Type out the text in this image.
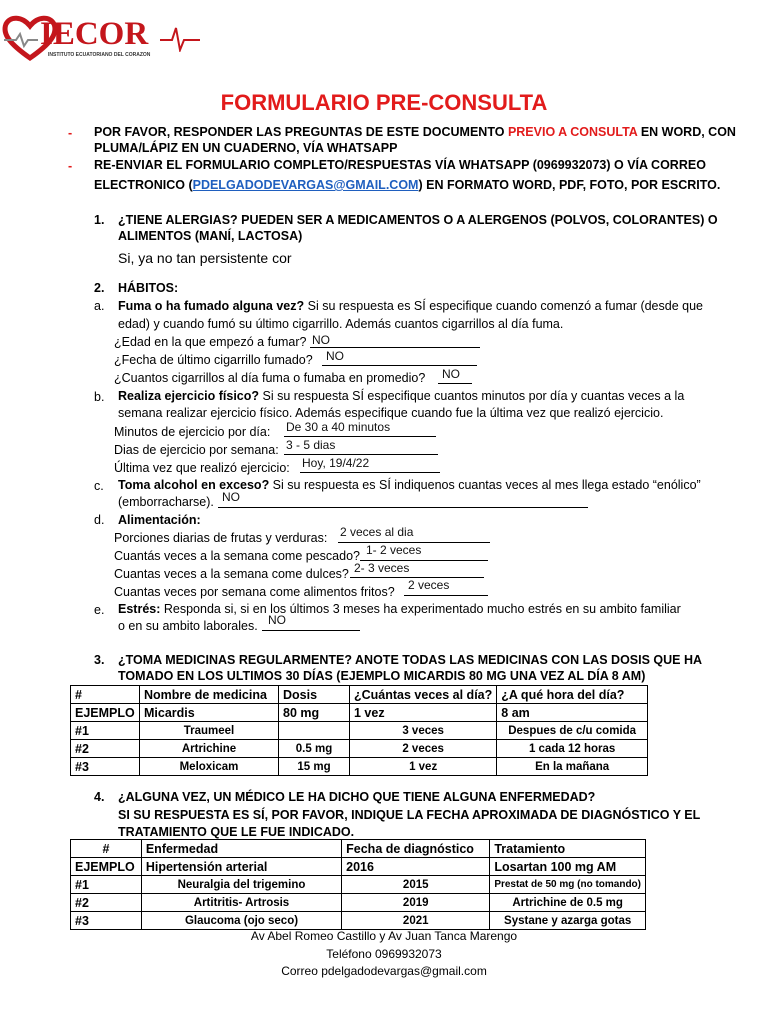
IECOR
INSTITUTO ECUATORIANO DEL CORAZON
FORMULARIO PRE-CONSULTA
- POR FAVOR, RESPONDER LAS PREGUNTAS DE ESTE DOCUMENTO PREVIO A CONSULTA EN WORD, CON
PLUMA/LÁPIZ EN UN CUADERNO, VÍA WHATSAPP
- RE-ENVIAR EL FORMULARIO COMPLETO/RESPUESTAS VÍA WHATSAPP (0969932073) O VÍA CORREO
ELECTRONICO (PDELGADODEVARGAS@GMAIL.COM) EN FORMATO WORD, PDF, FOTO, POR ESCRITO.
1. ¿TIENE ALERGIAS? PUEDEN SER A MEDICAMENTOS O A ALERGENOS (POLVOS, COLORANTES) O
ALIMENTOS (MANÍ, LACTOSA)
Si, ya no tan persistente cor
2. HÁBITOS:
a. Fuma o ha fumado alguna vez? Si su respuesta es SÍ especifique cuando comenzó a fumar (desde que
edad) y cuando fumó su último cigarrillo. Además cuantos cigarrillos al día fuma.
¿Edad en la que empezó a fumar? NO
¿Fecha de último cigarrillo fumado? NO
¿Cuantos cigarrillos al día fuma o fumaba en promedio? NO
b. Realiza ejercicio físico? Si su respuesta SÍ especifique cuantos minutos por día y cuantas veces a la
semana realizar ejercicio físico. Además especifique cuando fue la última vez que realizó ejercicio.
Minutos de ejercicio por día: De 30 a 40 minutos
Dias de ejercicio por semana: 3 - 5 dias
Última vez que realizó ejercicio: Hoy, 19/4/22
c. Toma alcohol en exceso? Si su respuesta es SÍ indiquenos cuantas veces al mes llega estado “enólico”
(emborracharse). NO
d. Alimentación:
Porciones diarias de frutas y verduras: 2 veces al dia
Cuantás veces a la semana come pescado? 1- 2 veces
Cuantas veces a la semana come dulces? 2- 3 veces
Cuantas veces por semana come alimentos fritos? 2 veces
e. Estrés: Responda si, si en los últimos 3 meses ha experimentado mucho estrés en su ambito familiar
o en su ambito laborales. NO
3. ¿TOMA MEDICINAS REGULARMENTE? ANOTE TODAS LAS MEDICINAS CON LAS DOSIS QUE HA
TOMADO EN LOS ULTIMOS 30 DÍAS (EJEMPLO MICARDIS 80 MG UNA VEZ AL DÍA 8 AM)
#	Nombre de medicina	Dosis	¿Cuántas veces al día?	¿A qué hora del día?
EJEMPLO	Micardis	80 mg	1 vez	8 am
#1	Traumeel		3 veces	Despues de c/u comida
#2	Artrichine	0.5 mg	2 veces	1 cada 12 horas
#3	Meloxicam	15 mg	1 vez	En la mañana
4. ¿ALGUNA VEZ, UN MÉDICO LE HA DICHO QUE TIENE ALGUNA ENFERMEDAD?
SI SU RESPUESTA ES SÍ, POR FAVOR, INDIQUE LA FECHA APROXIMADA DE DIAGNÓSTICO Y EL
TRATAMIENTO QUE LE FUE INDICADO.
#	Enfermedad	Fecha de diagnóstico	Tratamiento
EJEMPLO	Hipertensión arterial	2016	Losartan 100 mg AM
#1	Neuralgia del trigemino	2015	Prestat de 50 mg (no tomando)
#2	Artitritis- Artrosis	2019	Artrichine de 0.5 mg
#3	Glaucoma (ojo seco)	2021	Systane y azarga gotas
Av Abel Romeo Castillo y Av Juan Tanca Marengo
Teléfono 0969932073
Correo pdelgadodevargas@gmail.com
